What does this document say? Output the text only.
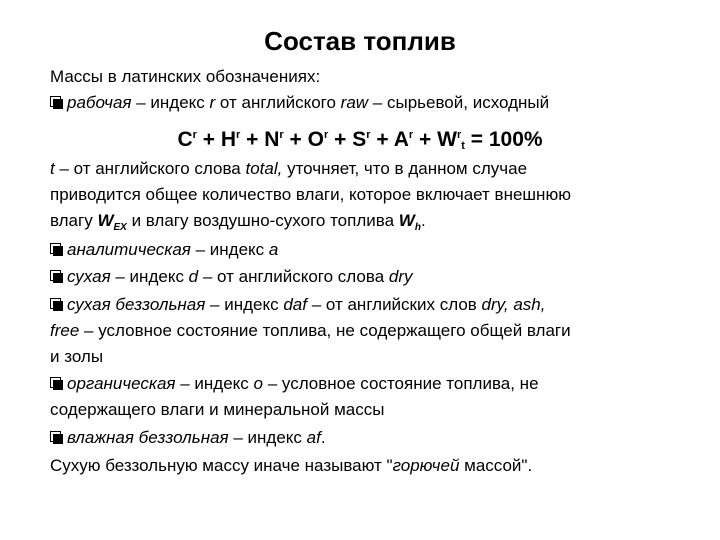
Состав топлив
Массы в латинских обозначениях:
рабочая – индекс r от английского raw – сырьевой, исходный
$C^r + H^r + N^r + O^r + S^r + A^r + W^r_t = 100\%$
t – от английского слова total, уточняет, что в данном случае
приводится общее количество влаги, которое включает внешнюю
влагу $W_{EX}$ и влагу воздушно-сухого топлива $W_h$.
аналитическая – индекс a
сухая – индекс d – от английского слова dry
сухая беззольная – индекс daf – от английских слов dry, ash,
free – условное состояние топлива, не содержащего общей влаги
и золы
органическая – индекс o – условное состояние топлива, не
содержащего влаги и минеральной массы
влажная беззольная – индекс af.
Сухую беззольную массу иначе называют "горючей массой".
